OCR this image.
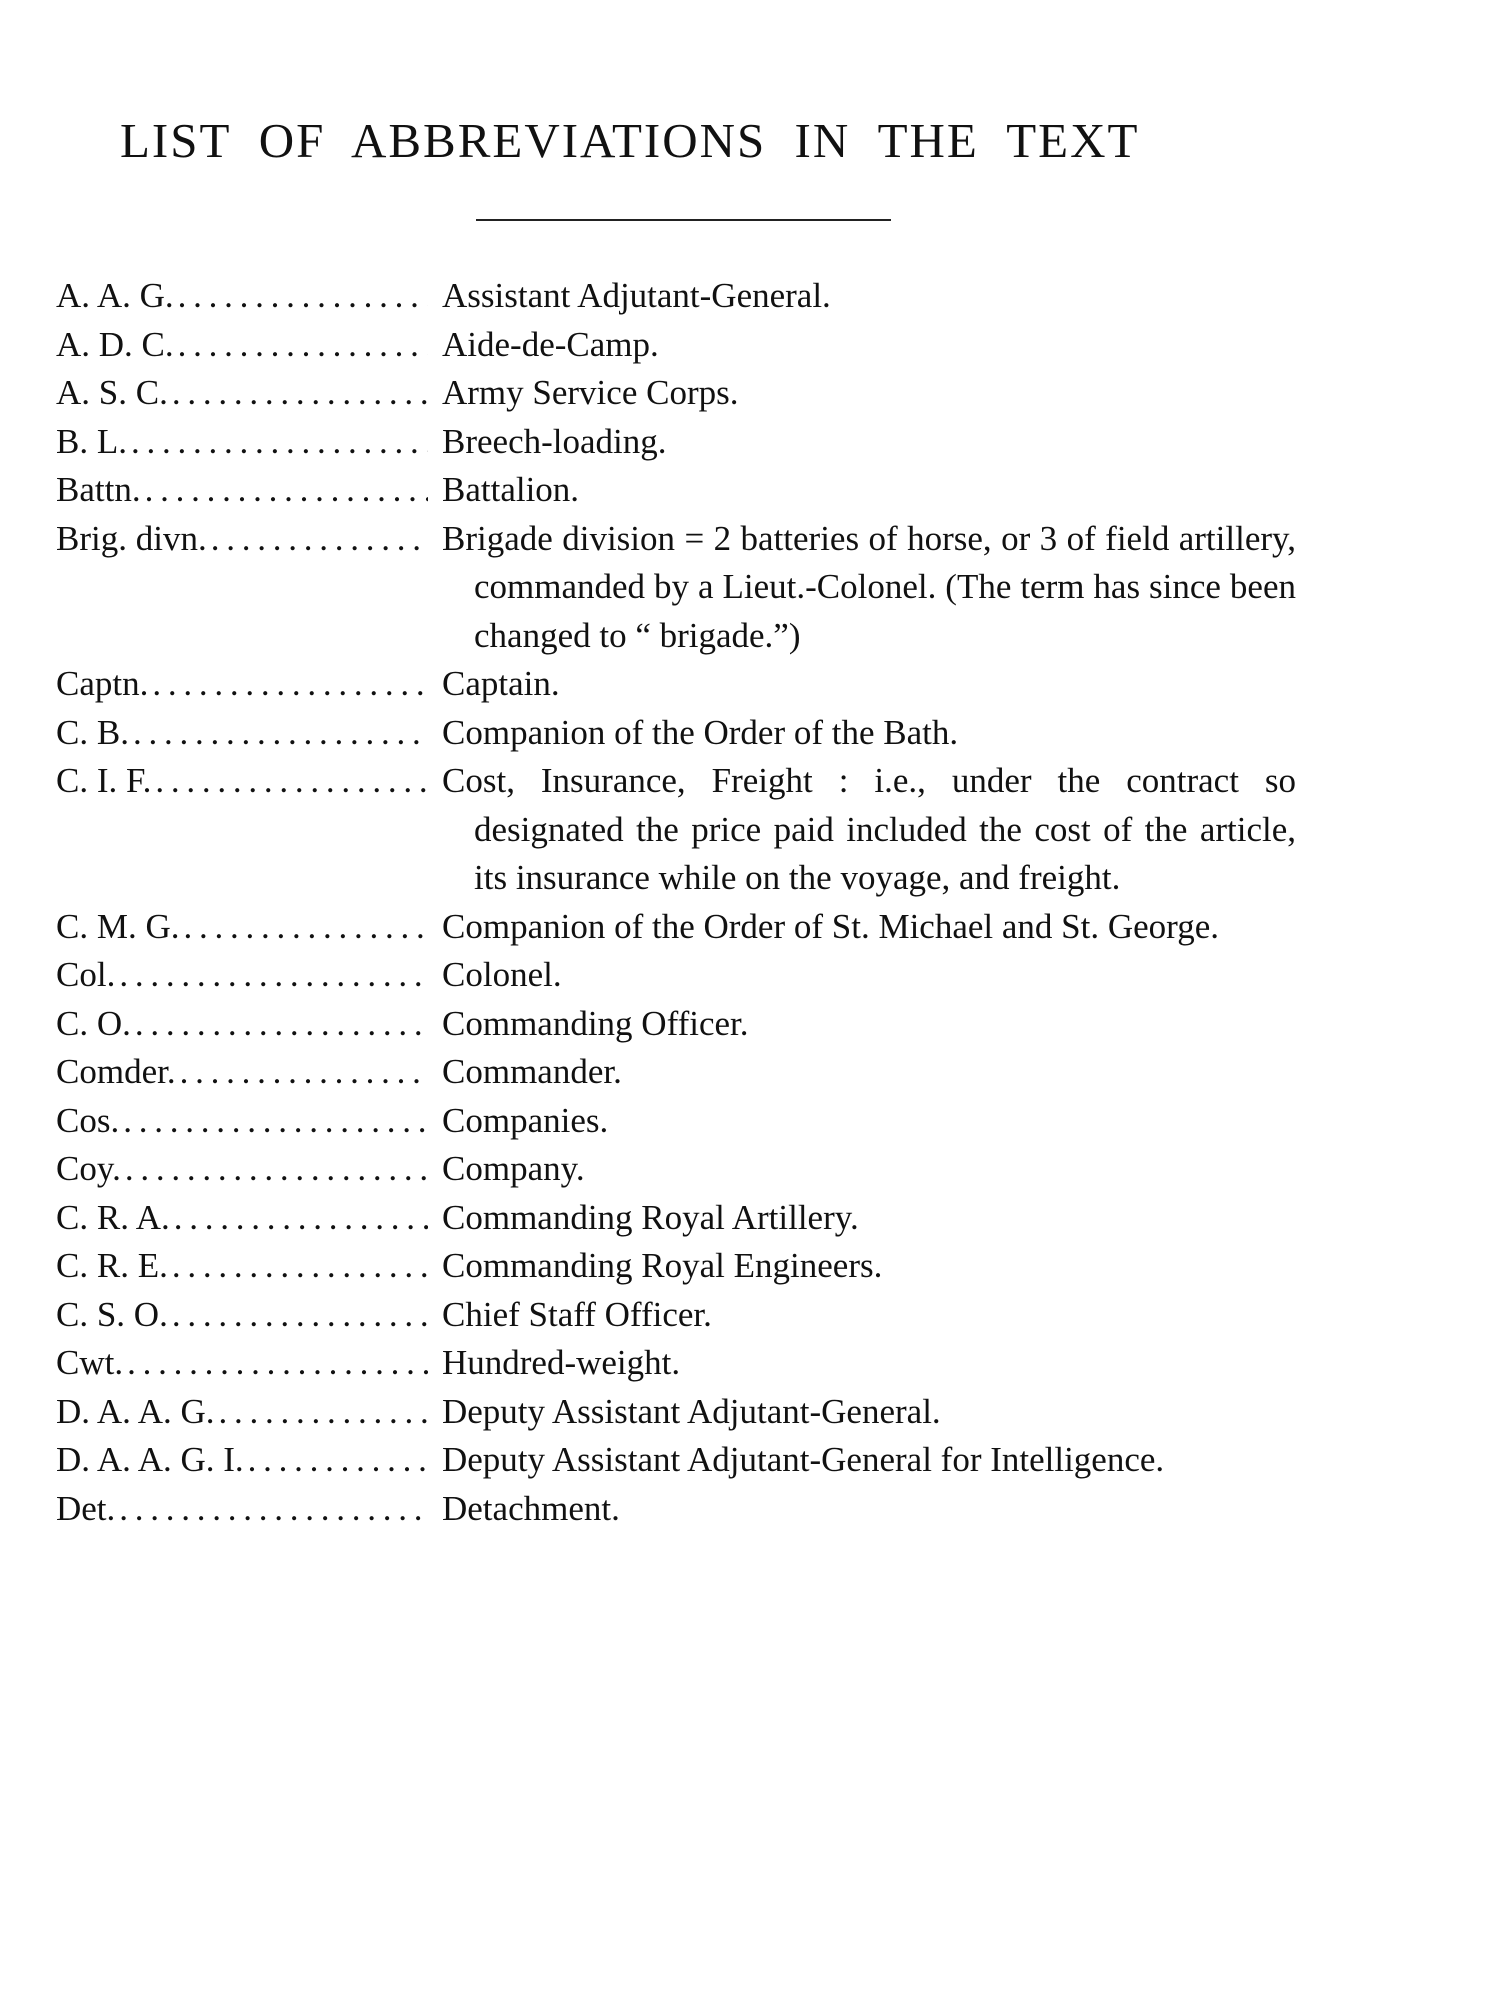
LIST OF ABBREVIATIONS IN THE TEXT
A. A. G. . . .	Assistant Adjutant-General.
A. D. C. . . .	Aide-de-Camp.
A. S. C. . . .	Army Service Corps.
B. L. . . .	Breech-loading.
Battn. . . .	Battalion.
Brig. divn. . . .	Brigade division = 2 batteries of horse, or 3 of field artillery, commanded by a Lieut.-Colonel. (The term has since been changed to “ brigade.”)
Captn. . . .	Captain.
C. B. . . .	Companion of the Order of the Bath.
C. I. F. . . .	Cost, Insurance, Freight : i.e., under the contract so designated the price paid included the cost of the article, its insurance while on the voyage, and freight.
C. M. G. . . .	Companion of the Order of St. Michael and St. George.
Col. . . .	Colonel.
C. O. . . .	Commanding Officer.
Comder. . . .	Commander.
Cos. . . .	Companies.
Coy. . . .	Company.
C. R. A. . . .	Commanding Royal Artillery.
C. R. E. . . .	Commanding Royal Engineers.
C. S. O. . . .	Chief Staff Officer.
Cwt. . . .	Hundred-weight.
D. A. A. G. . . .	Deputy Assistant Adjutant-General.
D. A. A. G. I. . . .	Deputy Assistant Adjutant-General for Intelligence.
Det. . . .	Detachment.
